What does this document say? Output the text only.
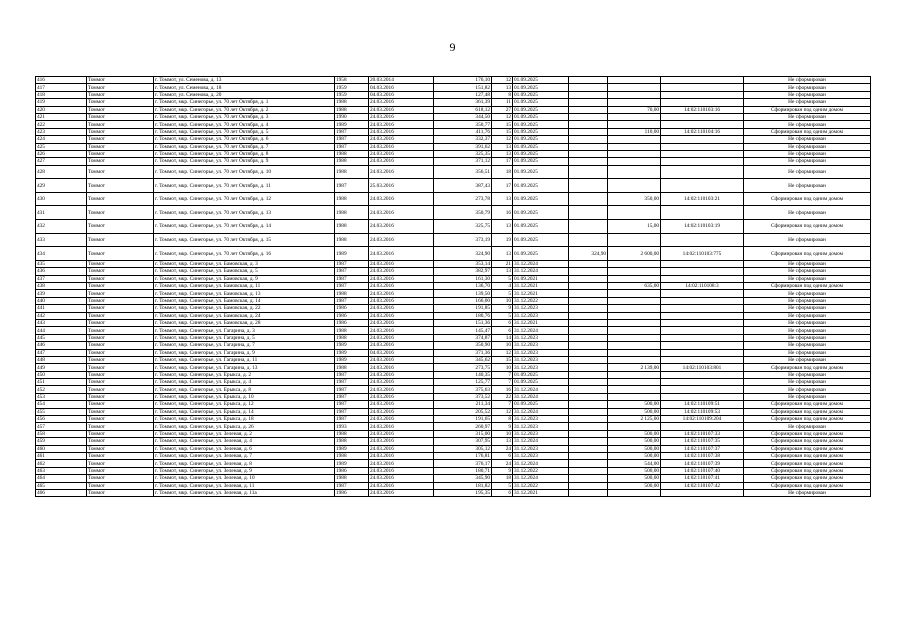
9
416	Томмот	г. Томмот, ул. Семенова, д. 13	1958	20.03.2014	176,10	12	01.09.2025				Не сформирован
417	Томмот	г. Томмот, ул. Семенова, д. 18	1959	04.03.2016	151,82	13	01.09.2025				Не сформирован
418	Томмот	г. Томмот, ул. Семенова, д. 20	1959	04.03.2016	127,48	8	01.09.2025				Не сформирован
419	Томмот	г. Томмот, мкр. Синегорье, ул. 70 лет Октября, д. 1	1988	24.03.2016	361,39	11	01.09.2025				Не сформирован
420	Томмот	г. Томмот, мкр. Синегорье, ул. 70 лет Октября, д. 2	1988	24.03.2016	618,12	27	01.09.2025		70,00	14:02:110103:16	Сформирован под одним домом
421	Томмот	г. Томмот, мкр. Синегорье, ул. 70 лет Октября, д. 3	1990	24.03.2016	344,50	12	01.09.2025				Не сформирован
422	Томмот	г. Томмот, мкр. Синегорье, ул. 70 лет Октября, д. 4	1989	24.03.2016	350,77	15	01.09.2025				Не сформирован
423	Томмот	г. Томмот, мкр. Синегорье, ул. 70 лет Октября, д. 5	1987	24.03.2016	411,76	15	01.09.2025		110,00	14:02:110104:16	Сформирован под одним домом
424	Томмот	г. Томмот, мкр. Синегорье, ул. 70 лет Октября, д. 6	1987	24.03.2016	332,37	12	01.09.2025				Не сформирован
425	Томмот	г. Томмот, мкр. Синегорье, ул. 70 лет Октября, д. 7	1987	24.03.2016	391,62	13	01.09.2025				Не сформирован
426	Томмот	г. Томмот, мкр. Синегорье, ул. 70 лет Октября, д. 8	1988	24.03.2016	325,35	13	01.09.2025				Не сформирован
427	Томмот	г. Томмот, мкр. Синегорье, ул. 70 лет Октября, д. 9	1988	24.03.2016	371,12	17	01.09.2025				Не сформирован
428	Томмот	г. Томмот, мкр. Синегорье, ул. 70 лет Октября, д. 10	1988	24.03.2016	356,51	18	01.09.2025				Не сформирован
429	Томмот	г. Томмот, мкр. Синегорье, ул. 70 лет Октября, д. 11	1987	25.03.2016	387,43	17	01.09.2025				Не сформирован
430	Томмот	г. Томмот, мкр. Синегорье, ул. 70 лет Октября, д. 12	1988	24.03.2016	273,78	13	01.09.2025		350,00	14:02:110103:21	Сформирован под одним домом
431	Томмот	г. Томмот, мкр. Синегорье, ул. 70 лет Октября, д. 13	1988	24.03.2016	350,79	16	01.09.2025				Не сформирован
432	Томмот	г. Томмот, мкр. Синегорье, ул. 70 лет Октября, д. 14	1988	24.03.2016	325,75	13	01.09.2025		15,00	14:02:110103:19	Сформирован под одним домом
433	Томмот	г. Томмот, мкр. Синегорье, ул. 70 лет Октября, д. 15	1988	24.03.2016	373,19	19	01.09.2025				Не сформирован
434	Томмот	г. Томмот, мкр. Синегорье, ул. 70 лет Октября, д. 16	1989	24.03.2016	324,90	13	01.09.2025	324,90	2 600,00	14:02:110103:775	Сформирован под одним домом
435	Томмот	г. Томмот, мкр. Синегорье, ул. Бамовская, д. 3	1987	24.03.2016	353,14	21	31.12.2024				Не сформирован
436	Томмот	г. Томмот, мкр. Синегорье, ул. Бамовская, д. 5	1987	24.03.2016	382,97	13	31.12.2024				Не сформирован
437	Томмот	г. Томмот, мкр. Синегорье, ул. Бамовская, д. 9	1987	24.03.2016	161,30	5	01.09.2021				Не сформирован
438	Томмот	г. Томмот, мкр. Синегорье, ул. Бамовская, д. 11	1987	24.03.2016	136,70	4	31.12.2021		635,00	14:02:110108:3	Сформирован под одним домом
439	Томмот	г. Томмот, мкр. Синегорье, ул. Бамовская, д. 13	1988	24.03.2016	139,50	5	31.12.2021				Не сформирован
440	Томмот	г. Томмот, мкр. Синегорье, ул. Бамовская, д. 14	1987	24.03.2016	166,00	10	31.12.2022				Не сформирован
441	Томмот	г. Томмот, мкр. Синегорье, ул. Бамовская, д. 22	1986	24.03.2016	191,85	9	31.12.2023				Не сформирован
442	Томмот	г. Томмот, мкр. Синегорье, ул. Бамовская, д. 24	1986	24.03.2016	180,76	5	31.12.2023				Не сформирован
443	Томмот	г. Томмот, мкр. Синегорье, ул. Бамовская, д. 28	1986	24.03.2016	151,36	6	31.12.2021				Не сформирован
444	Томмот	г. Томмот, мкр. Синегорье, ул. Гагарина, д. 3	1988	24.03.2016	145,47	6	31.12.2024				Не сформирован
445	Томмот	г. Томмот, мкр. Синегорье, ул. Гагарина, д. 5	1988	24.03.2016	374,87	14	31.12.2023				Не сформирован
446	Томмот	г. Томмот, мкр. Синегорье, ул. Гагарина, д. 7	1989	24.03.2016	350,90	10	31.12.2023				Не сформирован
447	Томмот	г. Томмот, мкр. Синегорье, ул. Гагарина, д. 9	1989	04.03.2016	371,36	12	31.12.2023				Не сформирован
448	Томмот	г. Томмот, мкр. Синегорье, ул. Гагарина, д. 11	1989	24.03.2016	345,62	15	31.12.2023				Не сформирован
449	Томмот	г. Томмот, мкр. Синегорье, ул. Гагарина, д. 13	1988	24.03.2016	273,75	10	31.12.2023		2 139,00	14:02:110103:801	Сформирован под одним домом
450	Томмот	г. Томмот, мкр. Синегорье, ул. Ерыкса, д. 2	1987	24.03.2016	140,35	7	01.09.2025				Не сформирован
451	Томмот	г. Томмот, мкр. Синегорье, ул. Ерыкса, д. 4	1987	24.03.2016	125,77	7	01.09.2025				Не сформирован
452	Томмот	г. Томмот, мкр. Синегорье, ул. Ерыкса, д. 8	1987	24.03.2016	375,63	16	31.12.2024				Не сформирован
453	Томмот	г. Томмот, мкр. Синегорье, ул. Ерыкса, д. 10	1987	24.03.2016	373,52	22	31.12.2024				Не сформирован
454	Томмот	г. Томмот, мкр. Синегорье, ул. Ерыкса, д. 12	1987	24.03.2016	211,34	7	01.09.2025		500,00	14:02:110109:51	Сформирован под одним домом
455	Томмот	г. Томмот, мкр. Синегорье, ул. Ерыкса, д. 14	1987	24.03.2016	205,52	12	31.12.2024		500,00	14:02:110109:53	Сформирован под одним домом
456	Томмот	г. Томмот, мкр. Синегорье, ул. Ерыкса, д. 18	1987	24.03.2016	191,65	8	31.12.2023		2 125,00	14:02:110109:204	Сформирован под одним домом
457	Томмот	г. Томмот, мкр. Синегорье, ул. Ерыкса, д. 26	1993	24.03.2016	260,97	9	31.12.2023				Не сформирован
458	Томмот	г. Томмот, мкр. Синегорье, ул. Зеленая, д. 2	1988	24.03.2016	315,00	10	31.12.2023		500,00	14:02:110107:33	Сформирован под одним домом
459	Томмот	г. Томмот, мкр. Синегорье, ул. Зеленая, д. 4	1988	24.03.2016	307,95	13	31.12.2024		500,00	14:02:110107:35	Сформирован под одним домом
460	Томмот	г. Томмот, мкр. Синегорье, ул. Зеленая, д. 6	1989	24.03.2016	305,12	24	31.12.2023		500,00	14:02:110107:37	Сформирован под одним домом
461	Томмот	г. Томмот, мкр. Синегорье, ул. Зеленая, д. 7	1988	24.03.2016	176,81	6	31.12.2023		500,00	14:02:110107:38	Сформирован под одним домом
462	Томмот	г. Томмот, мкр. Синегорье, ул. Зеленая, д. 8	1989	24.03.2016	376,17	24	31.12.2024		544,00	14:02:110107:39	Сформирован под одним домом
463	Томмот	г. Томмот, мкр. Синегорье, ул. Зеленая, д. 9	1986	24.03.2016	180,71	9	31.12.2022		500,00	14:02:110107:40	Сформирован под одним домом
464	Томмот	г. Томмот, мкр. Синегорье, ул. Зеленая, д. 10	1988	24.03.2016	345,90	18	31.12.2024		500,00	14:02:110107:41	Сформирован под одним домом
465	Томмот	г. Томмот, мкр. Синегорье, ул. Зеленая, д. 11	1987	24.03.2016	181,82	5	31.12.2022		500,00	14:02:110107:42	Сформирован под одним домом
466	Томмот	г. Томмот, мкр. Синегорье, ул. Зеленая, д. 11а	1986	24.03.2016	195,35	6	31.12.2021				Не сформирован
